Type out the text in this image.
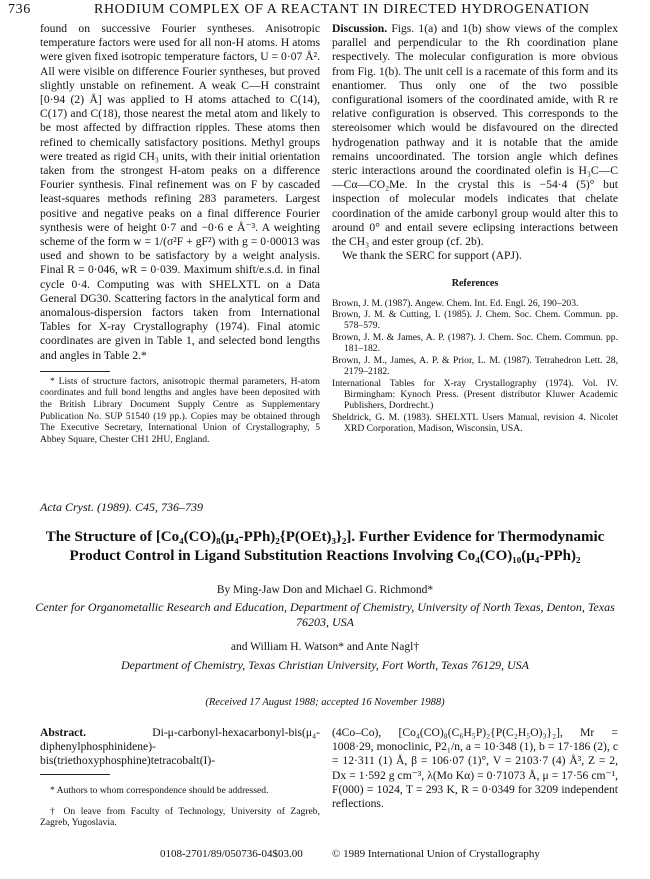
736	RHODIUM COMPLEX OF A REACTANT IN DIRECTED HYDROGENATION

found on successive Fourier syntheses. Anisotropic temperature factors were used for all non-H atoms. H atoms were given fixed isotropic temperature factors, U = 0·07 Å². All were visible on difference Fourier syntheses, but proved slightly unstable on refinement. A weak C—H constraint [0·94 (2) Å] was applied to H atoms attached to C(14), C(17) and C(18), those nearest the metal atom and likely to be most affected by diffraction ripples. These atoms then refined to chemically satisfactory positions. Methyl groups were treated as rigid CH₃ units, with their initial orientation taken from the strongest H-atom peaks on a difference Fourier synthesis. Final refinement was on F by cascaded least-squares methods refining 283 parameters. Largest positive and negative peaks on a final difference Fourier synthesis were of height 0·7 and −0·6 e Å⁻³. A weighting scheme of the form w = 1/(σ²F + gF²) with g = 0·00013 was used and shown to be satisfactory by a weight analysis. Final R = 0·046, wR = 0·039. Maximum shift/e.s.d. in final cycle 0·4. Computing was with SHELXTL on a Data General DG30. Scattering factors in the analytical form and anomalous-dispersion factors taken from International Tables for X-ray Crystallography (1974). Final atomic coordinates are given in Table 1, and selected bond lengths and angles in Table 2.*

* Lists of structure factors, anisotropic thermal parameters, H-atom coordinates and full bond lengths and angles have been deposited with the British Library Document Supply Centre as Supplementary Publication No. SUP 51540 (19 pp.). Copies may be obtained through The Executive Secretary, International Union of Crystallography, 5 Abbey Square, Chester CH1 2HU, England.

Discussion. Figs. 1(a) and 1(b) show views of the complex parallel and perpendicular to the Rh coordination plane respectively. The molecular configuration is more obvious from Fig. 1(b). The unit cell is a racemate of this form and its enantiomer. Thus only one of the two possible configurational isomers of the coordinated amide, with R re relative configuration is observed. This corresponds to the stereoisomer which would be disfavoured on the directed hydrogenation pathway and it is notable that the amide remains uncoordinated. The torsion angle which defines steric interactions around the coordinated olefin is H₃C—C—Cα—CO₂Me. In the crystal this is −54·4 (5)° but inspection of molecular models indicates that chelate coordination of the amide carbonyl group would alter this to around 0° and entail severe eclipsing interactions between the CH₃ and ester group (cf. 2b).

We thank the SERC for support (APJ).

References

Brown, J. M. (1987). Angew. Chem. Int. Ed. Engl. 26, 190–203.

Brown, J. M. & Cutting, I. (1985). J. Chem. Soc. Chem. Commun. pp. 578–579.

Brown, J. M. & James, A. P. (1987). J. Chem. Soc. Chem. Commun. pp. 181–182.

Brown, J. M., James, A. P. & Prior, L. M. (1987). Tetrahedron Lett. 28, 2179–2182.

International Tables for X-ray Crystallography (1974). Vol. IV. Birmingham: Kynoch Press. (Present distributor Kluwer Academic Publishers, Dordrecht.)

Sheldrick, G. M. (1983). SHELXTL Users Manual, revision 4. Nicolet XRD Corporation, Madison, Wisconsin, USA.

Acta Cryst. (1989). C45, 736–739
The Structure of [Co₄(CO)₈(μ₄-PPh)₂{P(OEt)₃}₂]. Further Evidence for Thermodynamic Product Control in Ligand Substitution Reactions Involving Co₄(CO)₁₀(μ₄-PPh)₂
By Ming-Jaw Don and Michael G. Richmond*
Center for Organometallic Research and Education, Department of Chemistry, University of North Texas, Denton, Texas 76203, USA
and William H. Watson* and Ante Nagl†
Department of Chemistry, Texas Christian University, Fort Worth, Texas 76129, USA
(Received 17 August 1988; accepted 16 November 1988)
Abstract.	Di-μ-carbonyl-hexacarbonyl-bis(μ₄-diphenylphosphinidene)-bis(triethoxyphosphine)tetracobalt(I)-
(4Co–Co), [Co₄(CO)₈(C₆H₅P)₂{P(C₂H₅O)₃}₂], Mr = 1008·29, monoclinic, P2₁/n, a = 10·348 (1), b = 17·186 (2), c = 12·311 (1) Å, β = 106·07 (1)°, V = 2103·7 (4) Å³, Z = 2, Dx = 1·592 g cm⁻³, λ(Mo Kα) = 0·71073 Å, μ = 17·56 cm⁻¹, F(000) = 1024, T = 293 K, R = 0·0349 for 3209 independent reflections.

* Authors to whom correspondence should be addressed.

† On leave from Faculty of Technology, University of Zagreb, Zagreb, Yugoslavia.

0108-2701/89/050736-04$03.00	© 1989 International Union of Crystallography
